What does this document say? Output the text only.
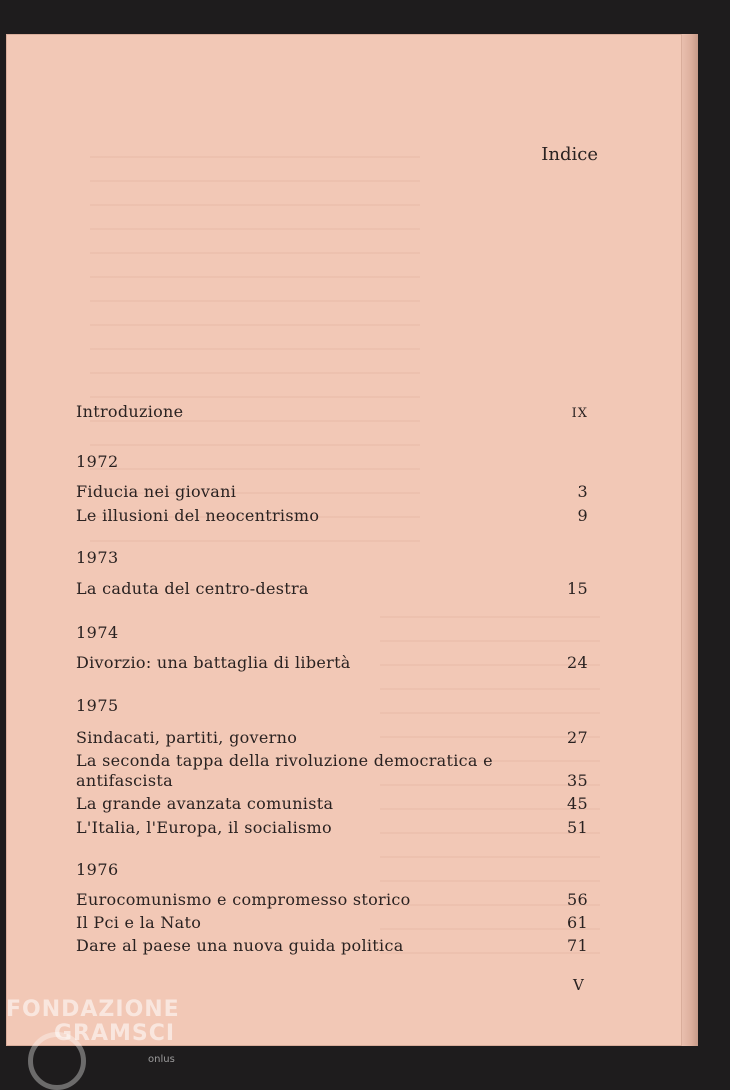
Indice
Introduzione	IX
1972
Fiducia nei giovani	3
Le illusioni del neocentrismo	9
1973
La caduta del centro-destra	15
1974
Divorzio: una battaglia di libertà	24
1975
Sindacati, partiti, governo	27
La seconda tappa della rivoluzione democratica e
antifascista	35
La grande avanzata comunista	45
L'Italia, l'Europa, il socialismo	51
1976
Eurocomunismo e compromesso storico	56
Il Pci e la Nato	61
Dare al paese una nuova guida politica	71
V
FONDAZIONE
GRAMSCI
onlus
